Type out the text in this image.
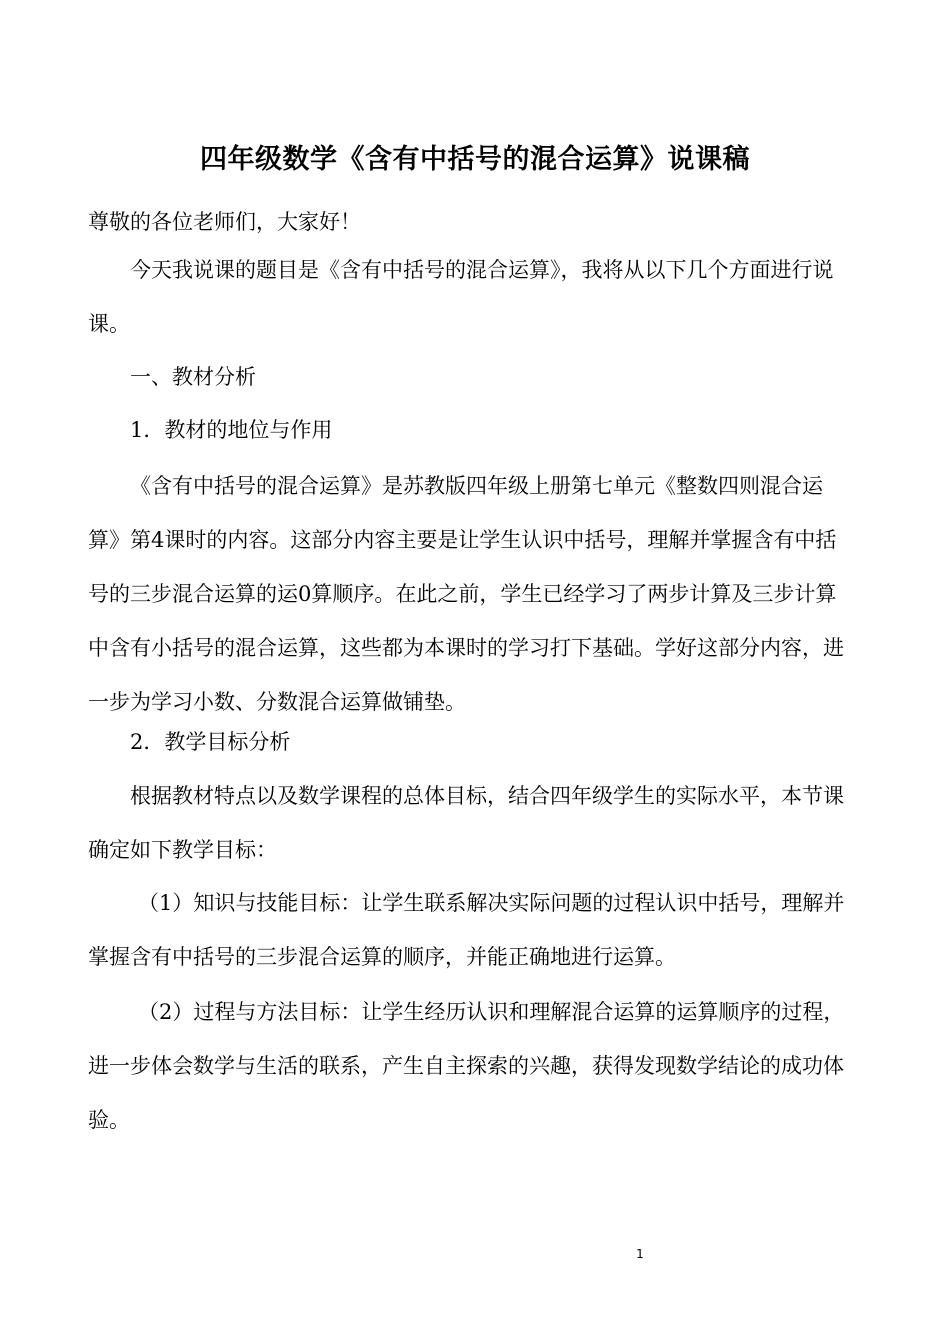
四年级数学《含有中括号的混合运算》说课稿

尊敬的各位老师们，大家好！

今天我说课的题目是《含有中括号的混合运算》，我将从以下几个方面进行说课。

一、教材分析

1．教材的地位与作用

《含有中括号的混合运算》是苏教版四年级上册第七单元《整数四则混合运算》第4课时的内容。这部分内容主要是让学生认识中括号，理解并掌握含有中括号的三步混合运算的运0算顺序。在此之前，学生已经学习了两步计算及三步计算中含有小括号的混合运算，这些都为本课时的学习打下基础。学好这部分内容，进一步为学习小数、分数混合运算做铺垫。

2．教学目标分析

根据教材特点以及数学课程的总体目标，结合四年级学生的实际水平，本节课确定如下教学目标：

（1）知识与技能目标：让学生联系解决实际问题的过程认识中括号，理解并掌握含有中括号的三步混合运算的顺序，并能正确地进行运算。

（2）过程与方法目标：让学生经历认识和理解混合运算的运算顺序的过程，进一步体会数学与生活的联系，产生自主探索的兴趣，获得发现数学结论的成功体验。

1
